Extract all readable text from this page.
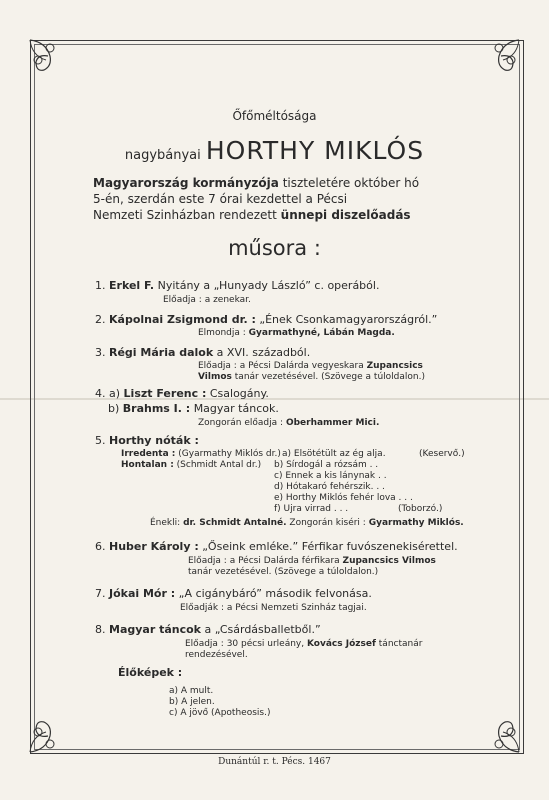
Őfőméltósága
nagybányai HORTHY MIKLÓS
Magyarország kormányzója tiszteletére október hó
5-én, szerdán este 7 órai kezdettel a Pécsi
Nemzeti Szinházban rendezett ünnepi diszelőadás
műsora :
1. Erkel F. Nyitány a „Hunyady László” c. operából.
Előadja : a zenekar.
2. Kápolnai Zsigmond dr. : „Ének Csonkamagyarországról.”
Elmondja : Gyarmathyné, Lábán Magda.
3. Régi Mária dalok a XVI. századból.
Előadja : a Pécsi Dalárda vegyeskara Zupancsics
Vilmos tanár vezetésével. (Szövege a túloldalon.)
4. a) Liszt Ferenc : Csalogány.
b) Brahms I. : Magyar táncok.
Zongorán előadja : Oberhammer Mici.
5. Horthy nóták :
Irredenta : (Gyarmathy Miklós dr.)
Hontalan : (Schmidt Antal dr.)
a) Elsötétült az ég alja.	(Keservő.)
b) Sírdogál a rózsám . .
c) Ennek a kis lánynak . .
d) Hótakaró fehérszik. . .
e) Horthy Miklós fehér lova . . .
f) Ujra virrad . . .	(Toborzó.)
Énekli: dr. Schmidt Antalné. Zongorán kiséri : Gyarmathy Miklós.
6. Huber Károly : „Őseink emléke.” Férfikar fuvószenekisérettel.
Előadja : a Pécsi Dalárda férfikara Zupancsics Vilmos
tanár vezetésével. (Szövege a túloldalon.)
7. Jókai Mór : „A cigánybáró” második felvonása.
Előadják : a Pécsi Nemzeti Szinház tagjai.
8. Magyar táncok a „Csárdásballetből.”
Előadja : 30 pécsi urleány, Kovács József tánctanár
rendezésével.
Élőképek :
a) A mult.
b) A jelen.
c) A jövő (Apotheosis.)
Dunántúl r. t. Pécs. 1467
